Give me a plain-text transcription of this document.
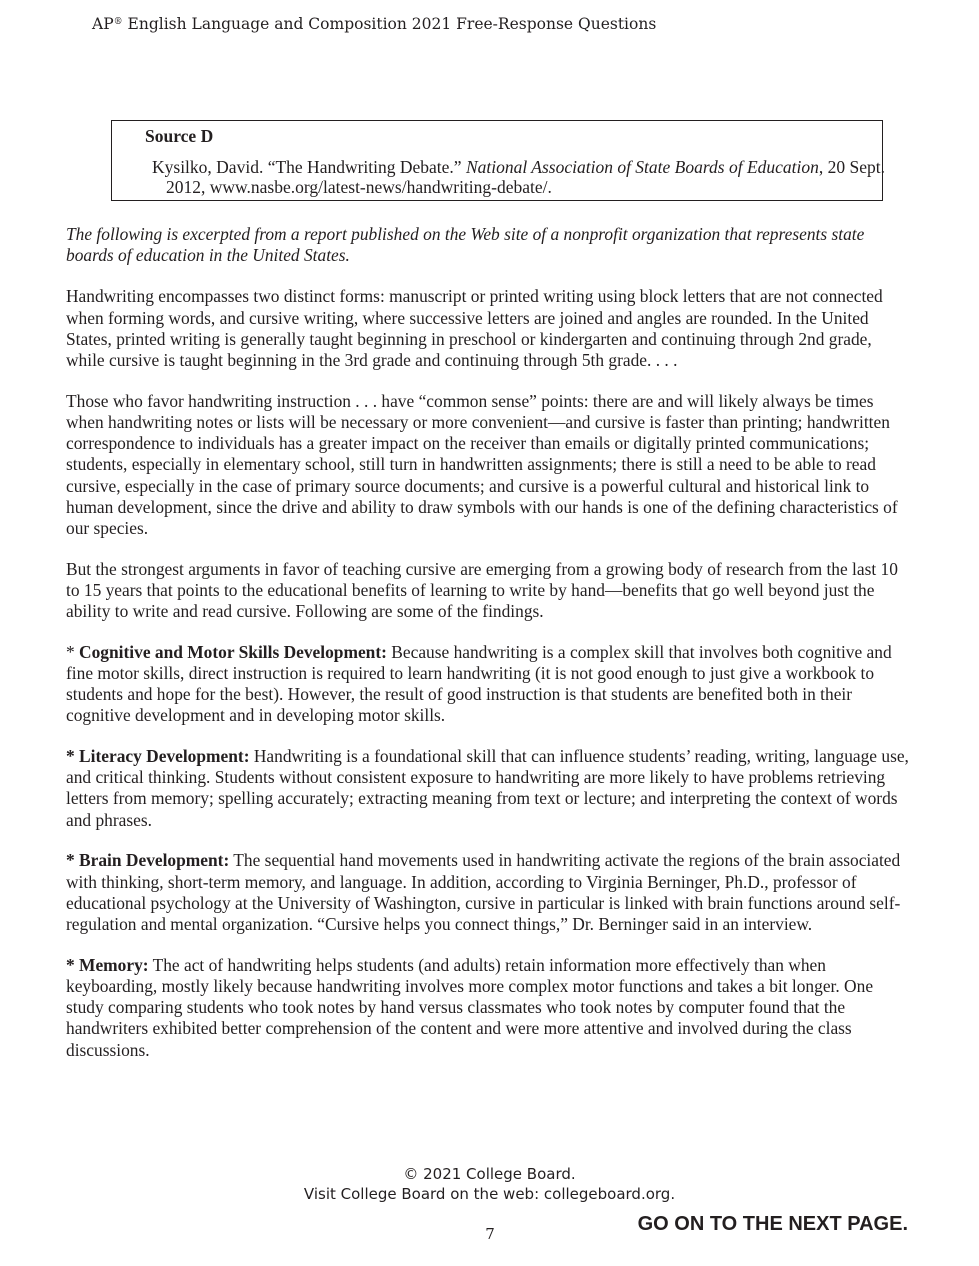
AP® English Language and Composition 2021 Free-Response Questions
Source D
Kysilko, David. “The Handwriting Debate.” National Association of State Boards of Education, 20 Sept. 2012, www.nasbe.org/latest-news/handwriting-debate/.

The following is excerpted from a report published on the Web site of a nonprofit organization that represents state boards of education in the United States.

Handwriting encompasses two distinct forms: manuscript or printed writing using block letters that are not connected when forming words, and cursive writing, where successive letters are joined and angles are rounded. In the United States, printed writing is generally taught beginning in preschool or kindergarten and continuing through 2nd grade, while cursive is taught beginning in the 3rd grade and continuing through 5th grade. . . .

Those who favor handwriting instruction . . . have “common sense” points: there are and will likely always be times when handwriting notes or lists will be necessary or more convenient—and cursive is faster than printing; handwritten correspondence to individuals has a greater impact on the receiver than emails or digitally printed communications; students, especially in elementary school, still turn in handwritten assignments; there is still a need to be able to read cursive, especially in the case of primary source documents; and cursive is a powerful cultural and historical link to human development, since the drive and ability to draw symbols with our hands is one of the defining characteristics of our species.

But the strongest arguments in favor of teaching cursive are emerging from a growing body of research from the last 10 to 15 years that points to the educational benefits of learning to write by hand—benefits that go well beyond just the ability to write and read cursive. Following are some of the findings.

* Cognitive and Motor Skills Development: Because handwriting is a complex skill that involves both cognitive and fine motor skills, direct instruction is required to learn handwriting (it is not good enough to just give a workbook to students and hope for the best). However, the result of good instruction is that students are benefited both in their cognitive development and in developing motor skills.

* Literacy Development: Handwriting is a foundational skill that can influence students’ reading, writing, language use, and critical thinking. Students without consistent exposure to handwriting are more likely to have problems retrieving letters from memory; spelling accurately; extracting meaning from text or lecture; and interpreting the context of words and phrases.

* Brain Development: The sequential hand movements used in handwriting activate the regions of the brain associated with thinking, short-term memory, and language. In addition, according to Virginia Berninger, Ph.D., professor of educational psychology at the University of Washington, cursive in particular is linked with brain functions around self-regulation and mental organization. “Cursive helps you connect things,” Dr. Berninger said in an interview.

* Memory: The act of handwriting helps students (and adults) retain information more effectively than when keyboarding, mostly likely because handwriting involves more complex motor functions and takes a bit longer. One study comparing students who took notes by hand versus classmates who took notes by computer found that the handwriters exhibited better comprehension of the content and were more attentive and involved during the class discussions.

© 2021 College Board.
Visit College Board on the web: collegeboard.org.
7	GO ON TO THE NEXT PAGE.
